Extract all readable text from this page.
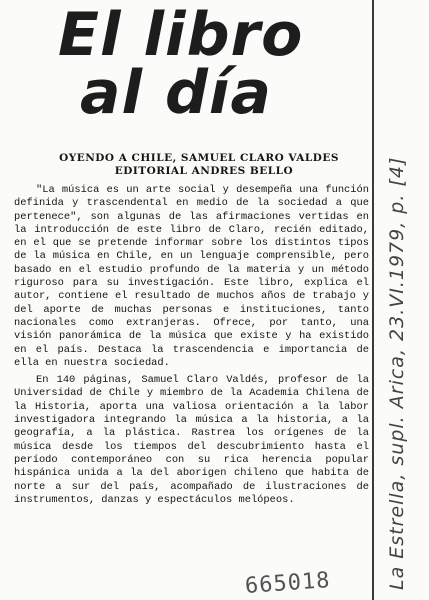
El libro
al día
OYENDO A CHILE, SAMUEL CLARO VALDES
EDITORIAL ANDRES BELLO

"La música es un arte social y desempeña una función definida y trascendental en medio de la sociedad a que pertenece", son algunas de las afirmaciones vertidas en la introducción de este libro de Claro, recién editado, en el que se pretende informar sobre los distintos tipos de la música en Chile, en un lenguaje comprensible, pero basado en el estudio profundo de la materia y un método riguroso para su investigación. Este libro, explica el autor, contiene el resultado de muchos años de trabajo y del aporte de muchas personas e instituciones, tanto nacionales como extranjeras. Ofrece, por tanto, una visión panorámica de la música que existe y ha existido en el país. Destaca la trascendencia e importancia de ella en nuestra sociedad.

En 140 páginas, Samuel Claro Valdés, profesor de la Universidad de Chile y miembro de la Academia Chilena de la Historia, aporta una valiosa orientación a la labor investigadora integrando la música a la historia, a la geografía, a la plástica. Rastrea los orígenes de la música desde los tiempos del descubrimiento hasta el período contemporáneo con su rica herencia popular hispánica unida a la del aborigen chileno que habita de norte a sur del país, acompañado de ilustraciones de instrumentos, danzas y espectáculos melópeos.

665018	La Estrella, supl. Arica, 23.VI.1979, p. [4]
